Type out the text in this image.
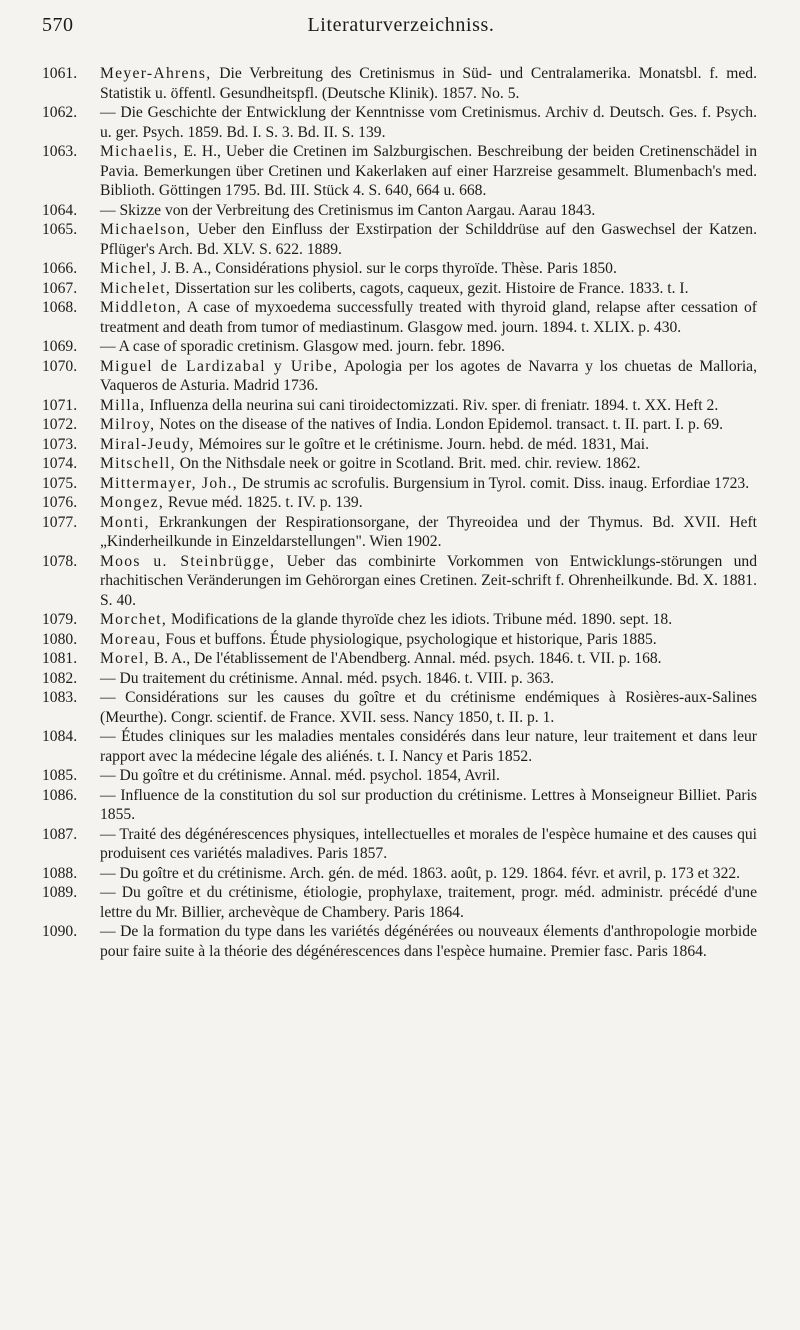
570	Literaturverzeichniss.
1061. Meyer-Ahrens, Die Verbreitung des Cretinismus in Süd- und Centralamerika. Monatsbl. f. med. Statistik u. öffentl. Gesundheitspfl. (Deutsche Klinik). 1857. No. 5.
1062. — Die Geschichte der Entwicklung der Kenntnisse vom Cretinismus. Archiv d. Deutsch. Ges. f. Psych. u. ger. Psych. 1859. Bd. I. S. 3. Bd. II. S. 139.
1063. Michaelis, E. H., Ueber die Cretinen im Salzburgischen. Beschreibung der beiden Cretinenschädel in Pavia. Bemerkungen über Cretinen und Kakerlaken auf einer Harzreise gesammelt. Blumenbach's med. Biblioth. Göttingen 1795. Bd. III. Stück 4. S. 640, 664 u. 668.
1064. — Skizze von der Verbreitung des Cretinismus im Canton Aargau. Aarau 1843.
1065. Michaelson, Ueber den Einfluss der Exstirpation der Schilddrüse auf den Gaswechsel der Katzen. Pflüger's Arch. Bd. XLV. S. 622. 1889.
1066. Michel, J. B. A., Considérations physiol. sur le corps thyroïde. Thèse. Paris 1850.
1067. Michelet, Dissertation sur les coliberts, cagots, caqueux, gezit. Histoire de France. 1833. t. I.
1068. Middleton, A case of myxoedema successfully treated with thyroid gland, relapse after cessation of treatment and death from tumor of mediastinum. Glasgow med. journ. 1894. t. XLIX. p. 430.
1069. — A case of sporadic cretinism. Glasgow med. journ. febr. 1896.
1070. Miguel de Lardizabal y Uribe, Apologia per los agotes de Navarra y los chuetas de Malloria, Vaqueros de Asturia. Madrid 1736.
1071. Milla, Influenza della neurina sui cani tiroidectomizzati. Riv. sper. di freniatr. 1894. t. XX. Heft 2.
1072. Milroy, Notes on the disease of the natives of India. London Epidemol. transact. t. II. part. I. p. 69.
1073. Miral-Jeudy, Mémoires sur le goître et le crétinisme. Journ. hebd. de méd. 1831, Mai.
1074. Mitschell, On the Nithsdale neek or goitre in Scotland. Brit. med. chir. review. 1862.
1075. Mittermayer, Joh., De strumis ac scrofulis. Burgensium in Tyrol. comit. Diss. inaug. Erfordiae 1723.
1076. Mongez, Revue méd. 1825. t. IV. p. 139.
1077. Monti, Erkrankungen der Respirationsorgane, der Thyreoidea und der Thymus. Bd. XVII. Heft „Kinderheilkunde in Einzeldarstellungen". Wien 1902.
1078. Moos u. Steinbrügge, Ueber das combinirte Vorkommen von Entwicklungs-störungen und rhachitischen Veränderungen im Gehörorgan eines Cretinen. Zeit-schrift f. Ohrenheilkunde. Bd. X. 1881. S. 40.
1079. Morchet, Modifications de la glande thyroïde chez les idiots. Tribune méd. 1890. sept. 18.
1080. Moreau, Fous et buffons. Étude physiologique, psychologique et historique, Paris 1885.
1081. Morel, B. A., De l'établissement de l'Abendberg. Annal. méd. psych. 1846. t. VII. p. 168.
1082. — Du traitement du crétinisme. Annal. méd. psych. 1846. t. VIII. p. 363.
1083. — Considérations sur les causes du goître et du crétinisme endémiques à Rosières-aux-Salines (Meurthe). Congr. scientif. de France. XVII. sess. Nancy 1850, t. II. p. 1.
1084. — Études cliniques sur les maladies mentales considérés dans leur nature, leur traitement et dans leur rapport avec la médecine légale des aliénés. t. I. Nancy et Paris 1852.
1085. — Du goître et du crétinisme. Annal. méd. psychol. 1854, Avril.
1086. — Influence de la constitution du sol sur production du crétinisme. Lettres à Monseigneur Billiet. Paris 1855.
1087. — Traité des dégénérescences physiques, intellectuelles et morales de l'espèce humaine et des causes qui produisent ces variétés maladives. Paris 1857.
1088. — Du goître et du crétinisme. Arch. gén. de méd. 1863. août, p. 129. 1864. févr. et avril, p. 173 et 322.
1089. — Du goître et du crétinisme, étiologie, prophylaxe, traitement, progr. méd. administr. précédé d'une lettre du Mr. Billier, archevèque de Chambery. Paris 1864.
1090. — De la formation du type dans les variétés dégénérées ou nouveaux élements d'anthropologie morbide pour faire suite à la théorie des dégénérescences dans l'espèce humaine. Premier fasc. Paris 1864.
